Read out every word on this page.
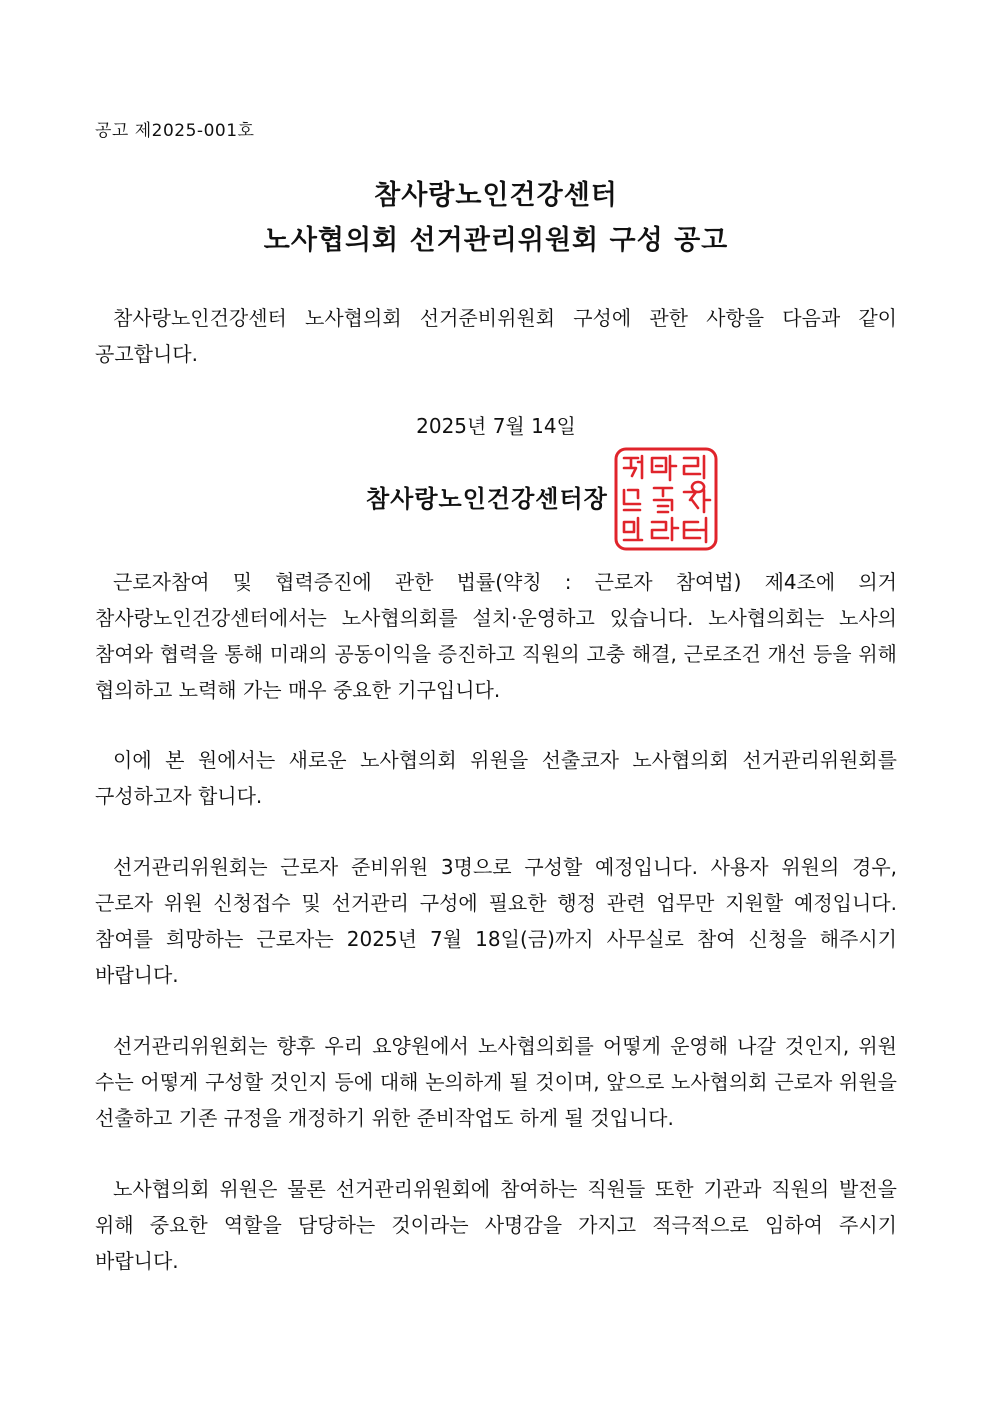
공고 제2025-001호
참사랑노인건강센터
노사협의회 선거관리위원회 구성 공고
참사랑노인건강센터 노사협의회 선거준비위원회 구성에 관한 사항을 다음과 같이 공고합니다.
2025년 7월 14일
참사랑노인건강센터장
근로자참여 및 협력증진에 관한 법률(약칭 : 근로자 참여법) 제4조에 의거 참사랑노인건강센터에서는 노사협의회를 설치·운영하고 있습니다. 노사협의회는 노사의 참여와 협력을 통해 미래의 공동이익을 증진하고 직원의 고충 해결, 근로조건 개선 등을 위해 협의하고 노력해 가는 매우 중요한 기구입니다.
이에 본 원에서는 새로운 노사협의회 위원을 선출코자 노사협의회 선거관리위원회를 구성하고자 합니다.
선거관리위원회는 근로자 준비위원 3명으로 구성할 예정입니다. 사용자 위원의 경우, 근로자 위원 신청접수 및 선거관리 구성에 필요한 행정 관련 업무만 지원할 예정입니다. 참여를 희망하는 근로자는 2025년 7월 18일(금)까지 사무실로 참여 신청을 해주시기 바랍니다.
선거관리위원회는 향후 우리 요양원에서 노사협의회를 어떻게 운영해 나갈 것인지, 위원 수는 어떻게 구성할 것인지 등에 대해 논의하게 될 것이며, 앞으로 노사협의회 근로자 위원을 선출하고 기존 규정을 개정하기 위한 준비작업도 하게 될 것입니다.
노사협의회 위원은 물론 선거관리위원회에 참여하는 직원들 또한 기관과 직원의 발전을 위해 중요한 역할을 담당하는 것이라는 사명감을 가지고 적극적으로 임하여 주시기 바랍니다.
